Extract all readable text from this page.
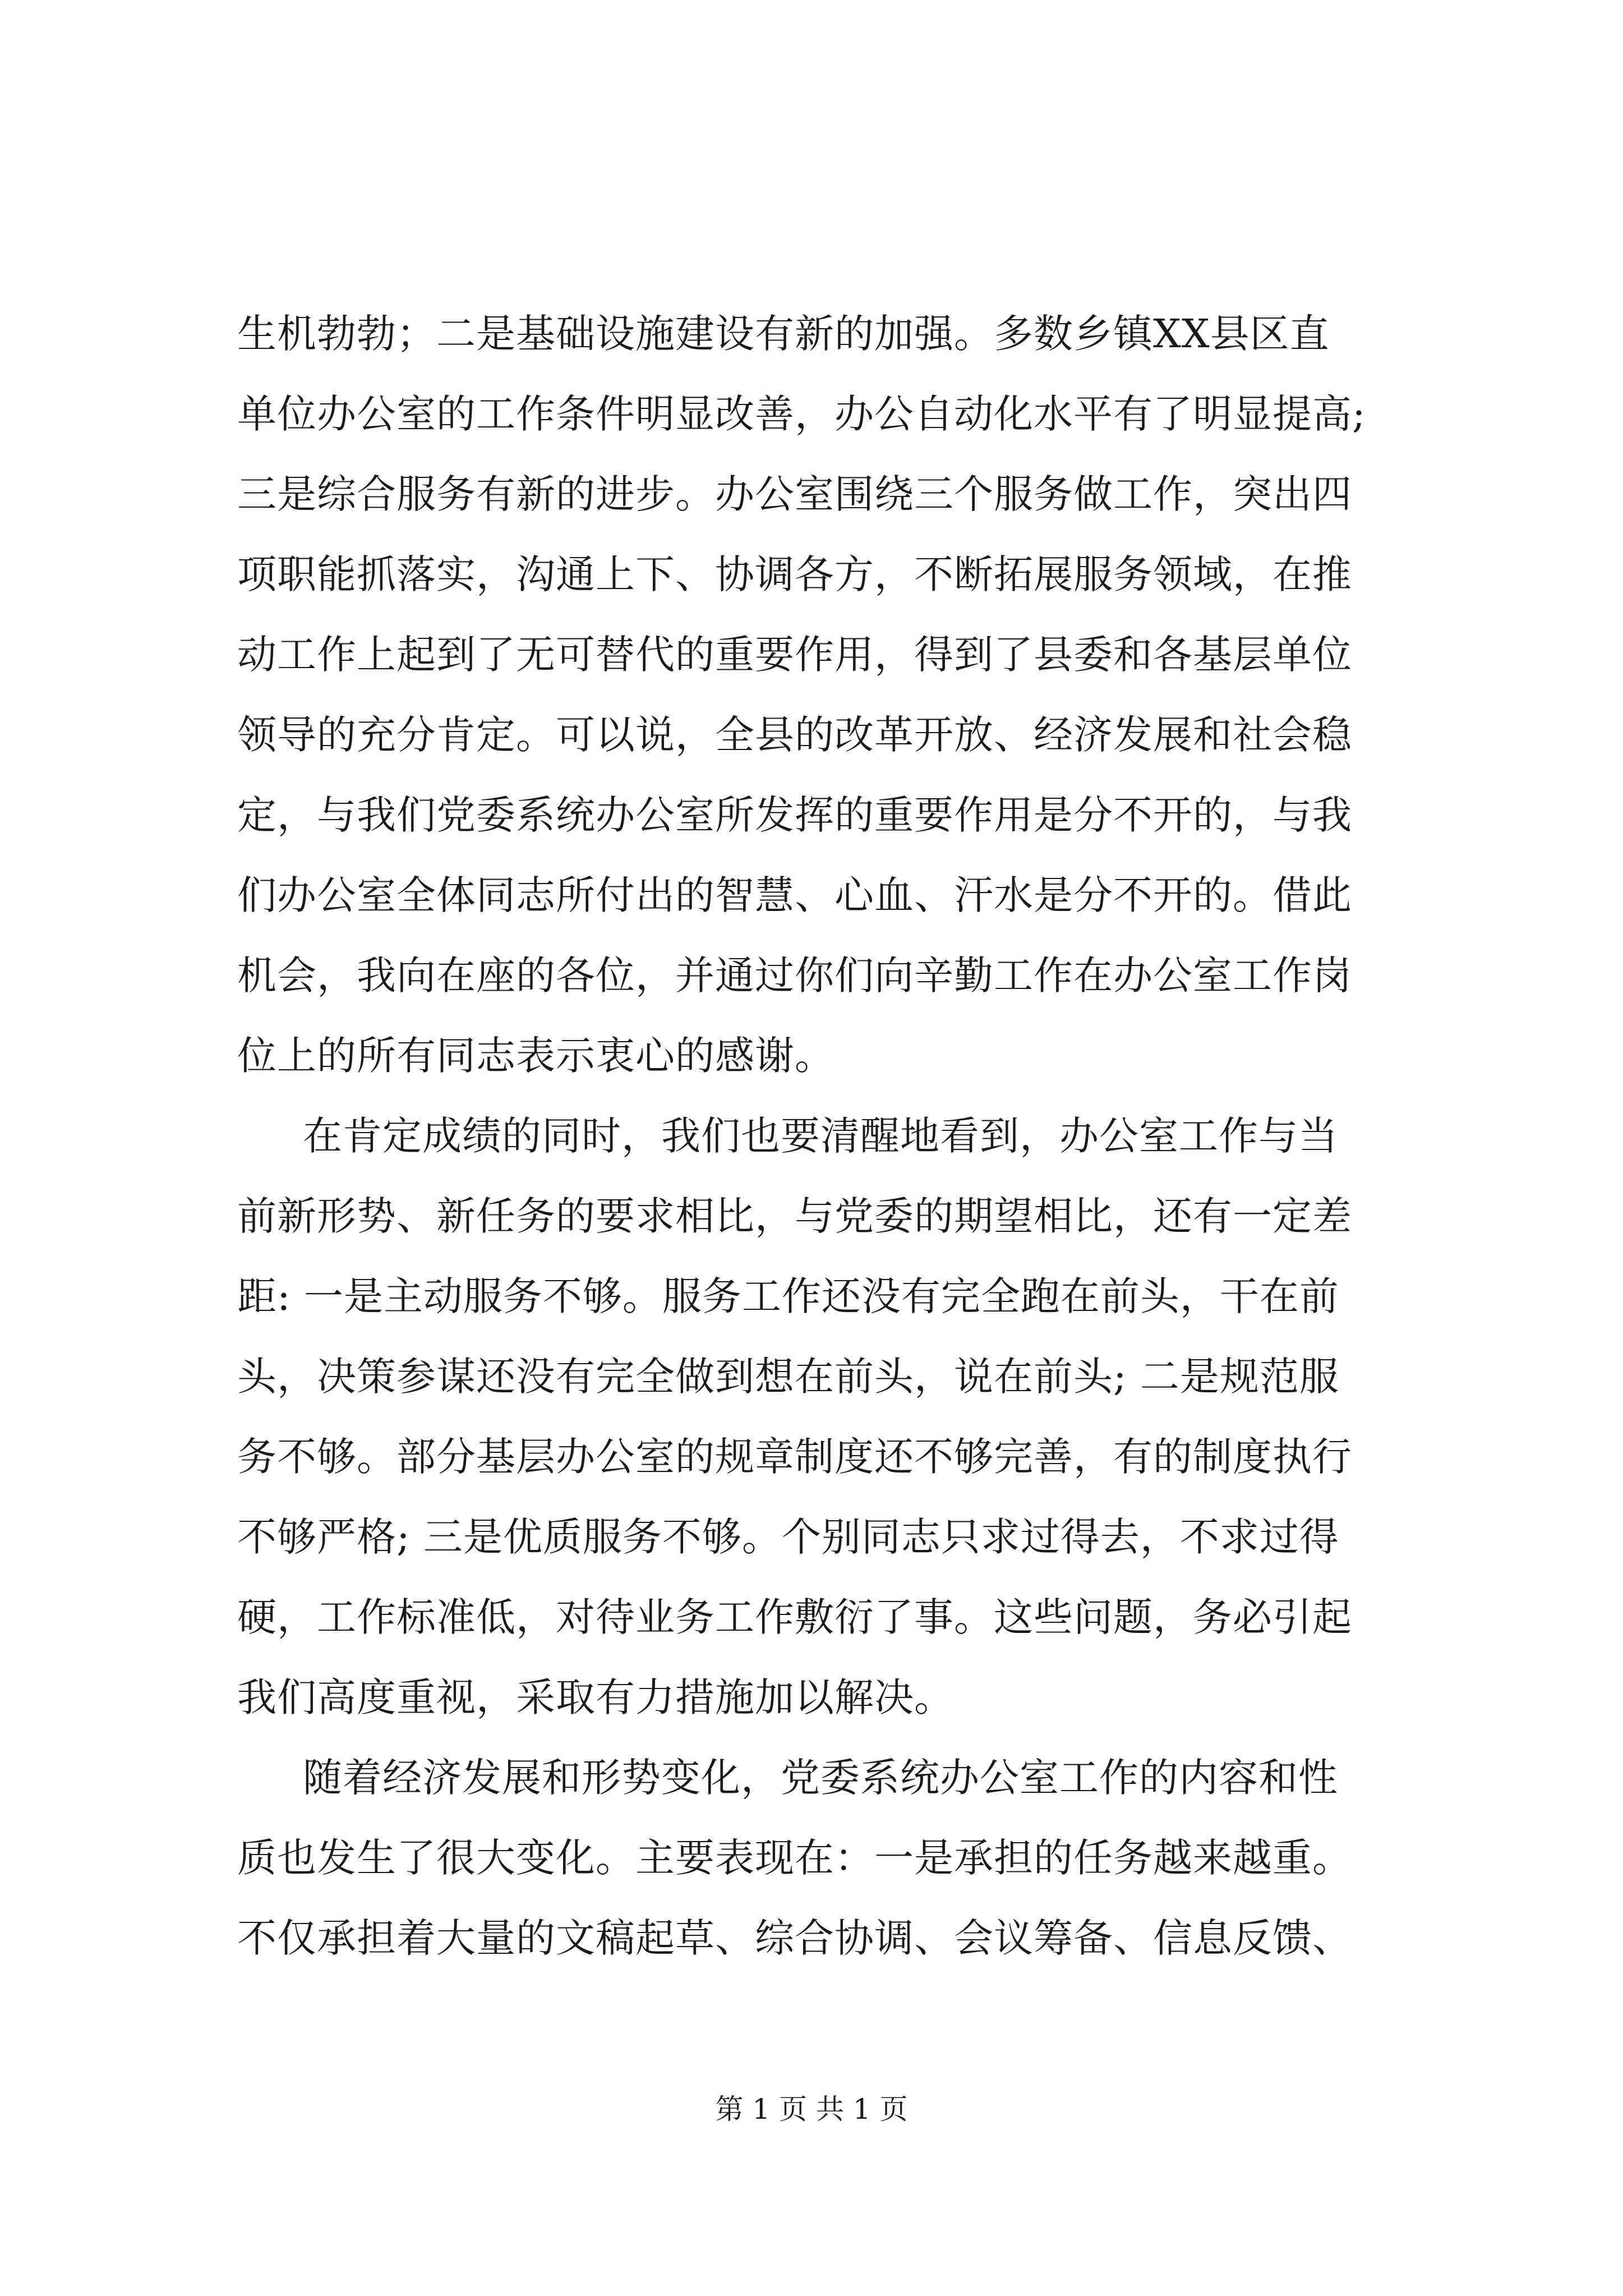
生机勃勃；二是基础设施建设有新的加强。多数乡镇XX县区直
单位办公室的工作条件明显改善，办公自动化水平有了明显提高;
三是综合服务有新的进步。办公室围绕三个服务做工作，突出四
项职能抓落实，沟通上下、协调各方，不断拓展服务领域，在推
动工作上起到了无可替代的重要作用，得到了县委和各基层单位
领导的充分肯定。可以说，全县的改革开放、经济发展和社会稳
定，与我们党委系统办公室所发挥的重要作用是分不开的，与我
们办公室全体同志所付出的智慧、心血、汗水是分不开的。借此
机会，我向在座的各位，并通过你们向辛勤工作在办公室工作岗
位上的所有同志表示衷心的感谢。
在肯定成绩的同时，我们也要清醒地看到，办公室工作与当
前新形势、新任务的要求相比，与党委的期望相比，还有一定差
距: 一是主动服务不够。服务工作还没有完全跑在前头，干在前
头，决策参谋还没有完全做到想在前头，说在前头; 二是规范服
务不够。部分基层办公室的规章制度还不够完善，有的制度执行
不够严格; 三是优质服务不够。个别同志只求过得去，不求过得
硬，工作标准低，对待业务工作敷衍了事。这些问题，务必引起
我们高度重视，采取有力措施加以解决。
随着经济发展和形势变化，党委系统办公室工作的内容和性
质也发生了很大变化。主要表现在：一是承担的任务越来越重。
不仅承担着大量的文稿起草、综合协调、会议筹备、信息反馈、
第 1 页 共 1 页
